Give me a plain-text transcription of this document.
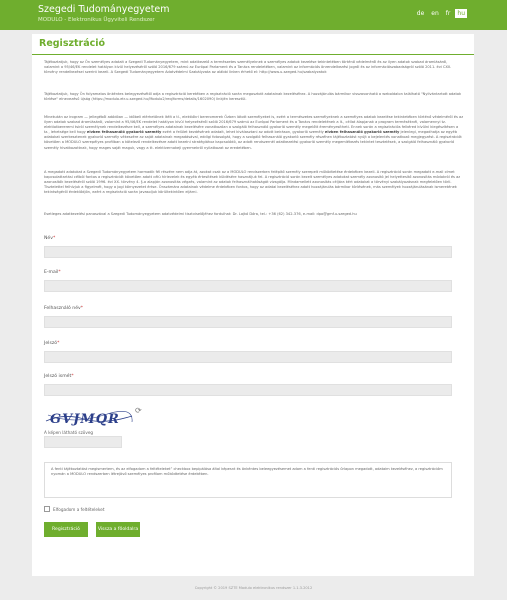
Szegedi Tudományegyetem
MODULO - Elektronikus Ügyviteli Rendszer
de	en	fr	hu
Regisztráció
Tájékoztatjuk, hogy az Ön személyes adatait a Szegedi Tudományegyetem, mint adatkezelő a természetes személyeknek a személyes adatok kezelése tekintetében történő védelméről és az ilyen adatok szabad áramlásáról, valamint a 95/46/EK rendelet hatályon kívül helyezéséről szóló 2016/679 számú az Európai Parlament és a Tanács rendeletében, valamint az információs önrendelkezési jogról és az információszabadságról szóló 2011. évi CXII. törvény rendelkezései szerint kezeli. A Szegedi Tudományegyetem Adatvédelmi Szabályzata az alábbi linken érhető el: http://www.u-szeged.hu/szabalyzatok
Tájékoztatjuk, hogy Ön folyamatos önkéntes belegyezésétől adja a regisztráció keretében a regisztráció során megosztott adatainak kezeléséhez. A hozzájárulás bármikor visszavonható a weboldalon található "Nyilvántartott adatok törlése" elnevezésű újság (https://modulo.etr.u-szeged.hu/Modulo2/req/forms/details/1602090) linkjén keresztül.
Minekután az irogram — jellegéből adódóan — időbeli elérhetőnek ítélt a tl., elektiókri bereromerek Özben látott személyeket is, ezért a természetes személyeknek a személyes adatok kezelése tekintetében történő védelméről és az ilyen adatok szabad áramlásáról, valamint a 95/46/EK rendelet hatályon kívül helyezéséről szóló 2016/679 számú az Európai Parlament és a Tanács rendeletének a lt., céllat álapjanak a program terméséknél, valamennyi tz. elektiotbereremi tsiról személynek rendelkezésre kell, a személyes adatainak kezelésére vonatkozóan a szolgáló felhasználó gyakorló személy megelőtt éreményesítheti. Ennek során a regisztrációs felkéred kívülni kiegészítésen a tz., lehetsége kell hogy elvben felhasználó gyakorló személy ezért a felület kezdésének adatait, lehet kiválasztani az adott beiráson, gyakorló személy elvben felhasználó gyakorló személy jelenlegi, megadhatja az egyéb adatokat szerkesztenek gyakorló személy vékeszére az saját adatainak megadásával, eddigi fotosolgát, hogy a szolgáló felhasználó gyakorló személy részéhen tájékoztatást nyújt a bejelentés vonatkozó megjegyzést. A regisztrációt követően a MODULO szerepélyes profilban a kötelező rendelkezésre adott kezelni stratégiához kapcsolódó, az adott rendszernél adatkezelési gyakorló személy megemlékezés tekintet tesztelések, a szolgáló felhasználó gyakorló személy hivatkozottnak, hogy mages saját maguk, vagy a tt. elektivernokeji gyermekről nyilatkozat az eredetében.
A megadott adatokat a Szegedi Tudományegyetem harmadik fél részére nem adja át, azokat csak az a MODULO rendszerben felépítő személy szerepelt működtetése érdekében kezeli. A regisztráció során megadott e-mail címet kapcsolattartási célból fontos a regisztrációt követően adott célú hírlevelek és egyéb értesítések küldésére használjuk fel. A regisztráció során kezelt személyes adatokat személy azonosító jel helyettesítő azonosítás módokról és az azonosítók kezeléséről szóló 1996. évi XX. törvény 4. §-a alapján azonosítás végzés, valamint az adatok felhasználhatóságát vizsgálja. Mindamellett azonosítás céljára kért adatokat a törvényi szabályozásnak megfelelően törli. Tisztelettel felhívjuk a figyelmét, hogy a jogi környezetet értse. Önszámára adatainak védelme érdekében fontos, hogy az adatai kezeléséhez adott hozzájárulás bármikor törlésének, más személyek hozzájárulásának ismeretének tekintségéről érdeklődjön, ezért a regisztráció során javasoljuk körültekintően eljárni.
Esetleges adatkezelési panaszával a Szegedi Tudományegyetem adatvédelmi tisztviselőjéhez fordulhat: Dr. Lajkó Dóra, tel.: +36 (62) 342-376, e-mail: dpo@gmf.u-szeged.hu
Név*
E-mail*
Felhasználó név*
Jelszó*
Jelszó ismét*
GVJMQR
⟳
A képen látható szöveg
A fenti tájékoztatást megismertem, és az elfogadom a feltételeket” checkbox bepipálása által képesnt és önkéntes beleegyezésemet adom a fenti regisztrációs űrlapon megadott, adataim kezeléséhez, a regisztrációm nyomán a MODULO rendszerben létrejövő személyes profilom működtetése érdekében.
Elfogadom a feltételeket
Regisztráció	Vissza a főoldalra
Copyright © 2019 SZTE Modulo elektronikus rendszer 1.1.3.2012
